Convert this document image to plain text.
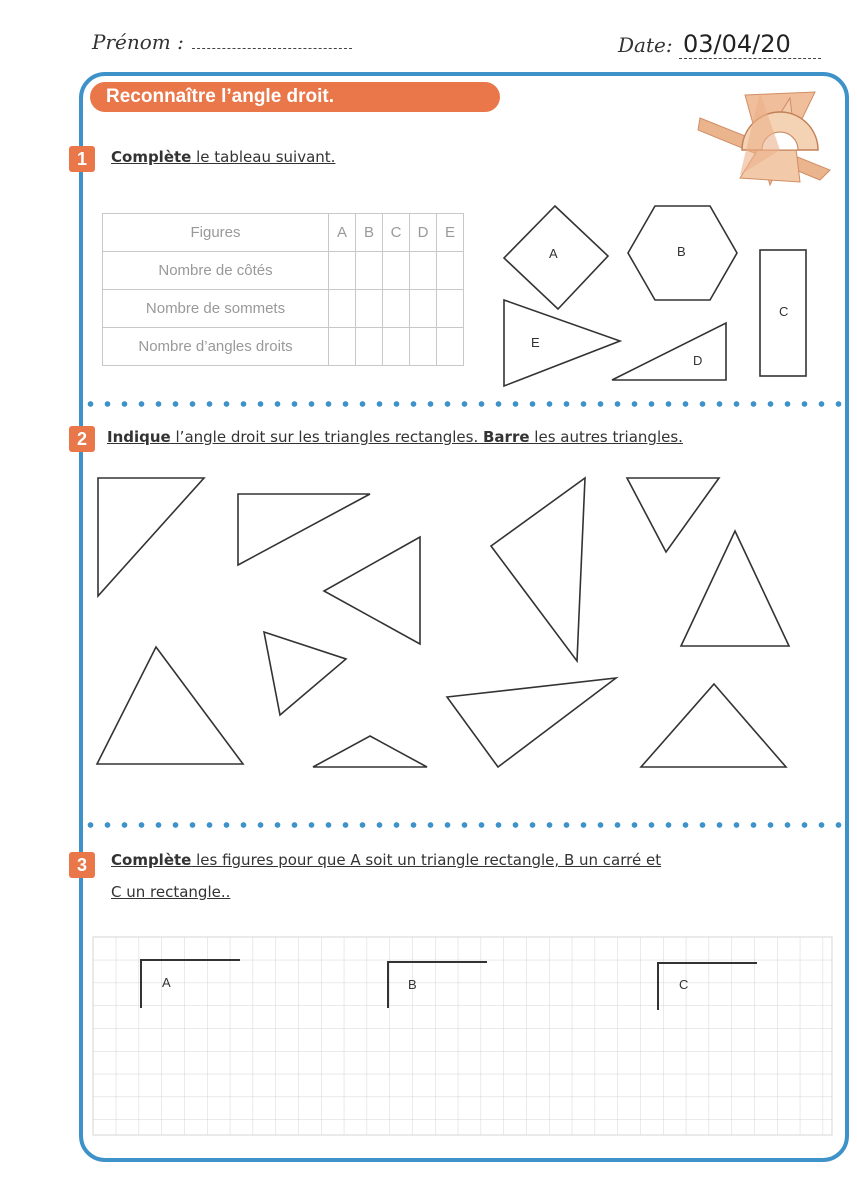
Prénom :	Date: 03/04/20
Reconnaître l’angle droit.
1	Complète le tableau suivant.
Figures	A	B	C	D	E
Nombre de côtés					
Nombre de sommets					
Nombre d’angles droits					
A	B
C
D
E
2	Indique l’angle droit sur les triangles rectangles. Barre les autres triangles.
3	Complète les figures pour que A soit un triangle rectangle, B un carré et
C un rectangle..
A	B	C
